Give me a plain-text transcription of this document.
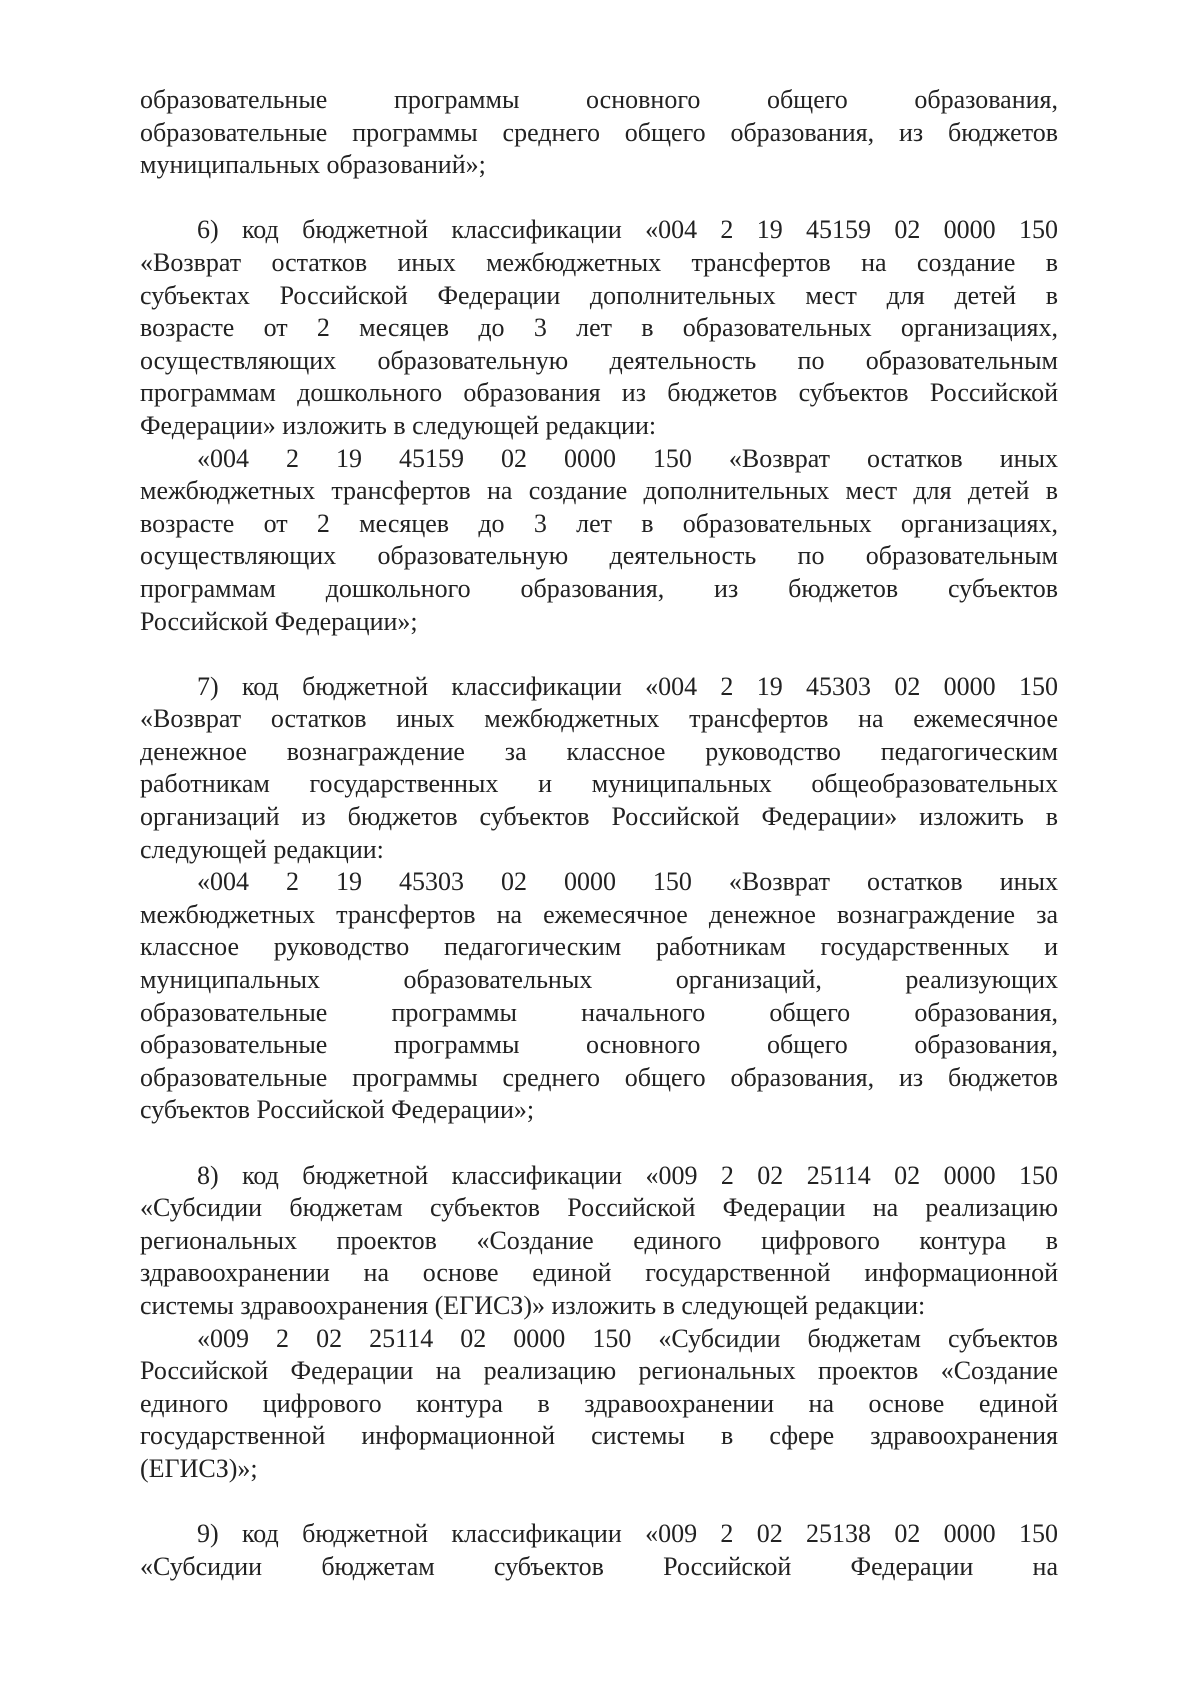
образовательные программы основного общего образования,
образовательные программы среднего общего образования, из бюджетов
муниципальных образований»;
6) код бюджетной классификации «004 2 19 45159 02 0000 150
«Возврат остатков иных межбюджетных трансфертов на создание в
субъектах Российской Федерации дополнительных мест для детей в
возрасте от 2 месяцев до 3 лет в образовательных организациях,
осуществляющих образовательную деятельность по образовательным
программам дошкольного образования из бюджетов субъектов Российской
Федерации» изложить в следующей редакции:
«004 2 19 45159 02 0000 150 «Возврат остатков иных
межбюджетных трансфертов на создание дополнительных мест для детей в
возрасте от 2 месяцев до 3 лет в образовательных организациях,
осуществляющих образовательную деятельность по образовательным
программам дошкольного образования, из бюджетов субъектов
Российской Федерации»;
7) код бюджетной классификации «004 2 19 45303 02 0000 150
«Возврат остатков иных межбюджетных трансфертов на ежемесячное
денежное вознаграждение за классное руководство педагогическим
работникам государственных и муниципальных общеобразовательных
организаций из бюджетов субъектов Российской Федерации» изложить в
следующей редакции:
«004 2 19 45303 02 0000 150 «Возврат остатков иных
межбюджетных трансфертов на ежемесячное денежное вознаграждение за
классное руководство педагогическим работникам государственных и
муниципальных образовательных организаций, реализующих
образовательные программы начального общего образования,
образовательные программы основного общего образования,
образовательные программы среднего общего образования, из бюджетов
субъектов Российской Федерации»;
8) код бюджетной классификации «009 2 02 25114 02 0000 150
«Субсидии бюджетам субъектов Российской Федерации на реализацию
региональных проектов «Создание единого цифрового контура в
здравоохранении на основе единой государственной информационной
системы здравоохранения (ЕГИСЗ)» изложить в следующей редакции:
«009 2 02 25114 02 0000 150 «Субсидии бюджетам субъектов
Российской Федерации на реализацию региональных проектов «Создание
единого цифрового контура в здравоохранении на основе единой
государственной информационной системы в сфере здравоохранения
(ЕГИСЗ)»;
9) код бюджетной классификации «009 2 02 25138 02 0000 150
«Субсидии бюджетам субъектов Российской Федерации на
